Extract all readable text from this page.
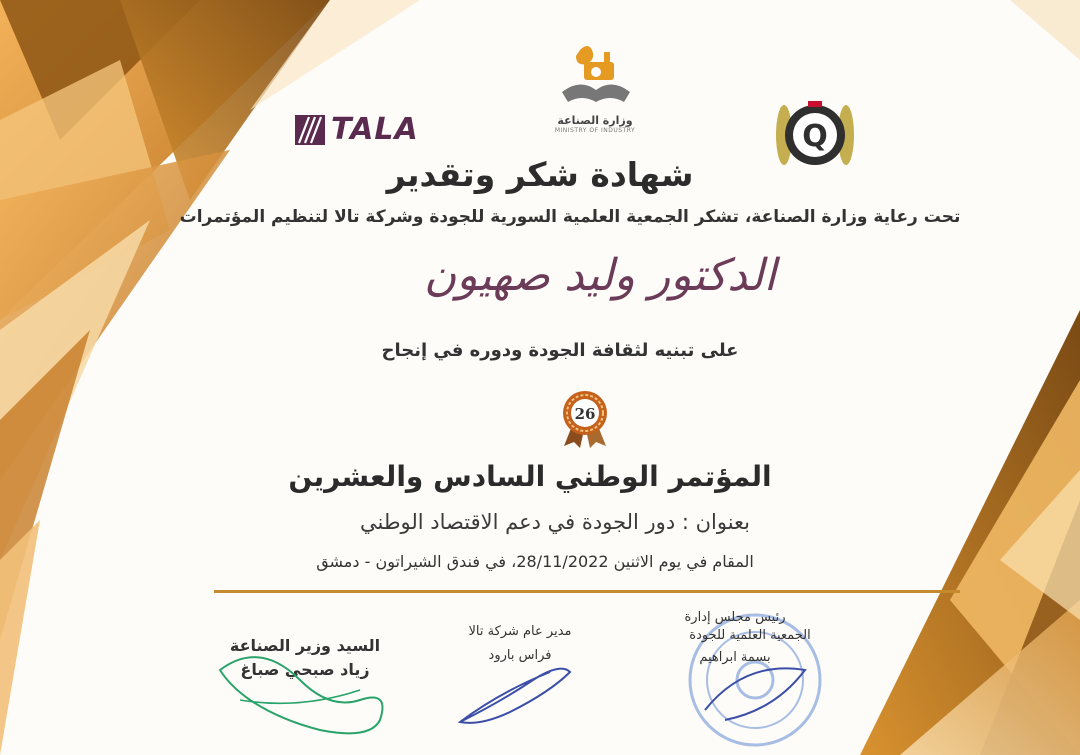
TALA	وزارة الصناعة
MINISTRY OF INDUSTRY	Q
شهادة شكر وتقدير
تحت رعاية وزارة الصناعة، تشكر الجمعية العلمية السورية للجودة وشركة تالا لتنظيم المؤتمرات
الدكتور وليد صهيون
على تبنيه لثقافة الجودة ودوره في إنجاح
26
المؤتمر الوطني السادس والعشرين
بعنوان : دور الجودة في دعم الاقتصاد الوطني
المقام في يوم الاثنين 28/11/2022، في فندق الشيراتون - دمشق
السيد وزير الصناعة
زياد صبحي صباغ
مدير عام شركة تالا
فراس بارود
رئيس مجلس إدارة
الجمعية العلمية للجودة
بسمة ابراهيم
